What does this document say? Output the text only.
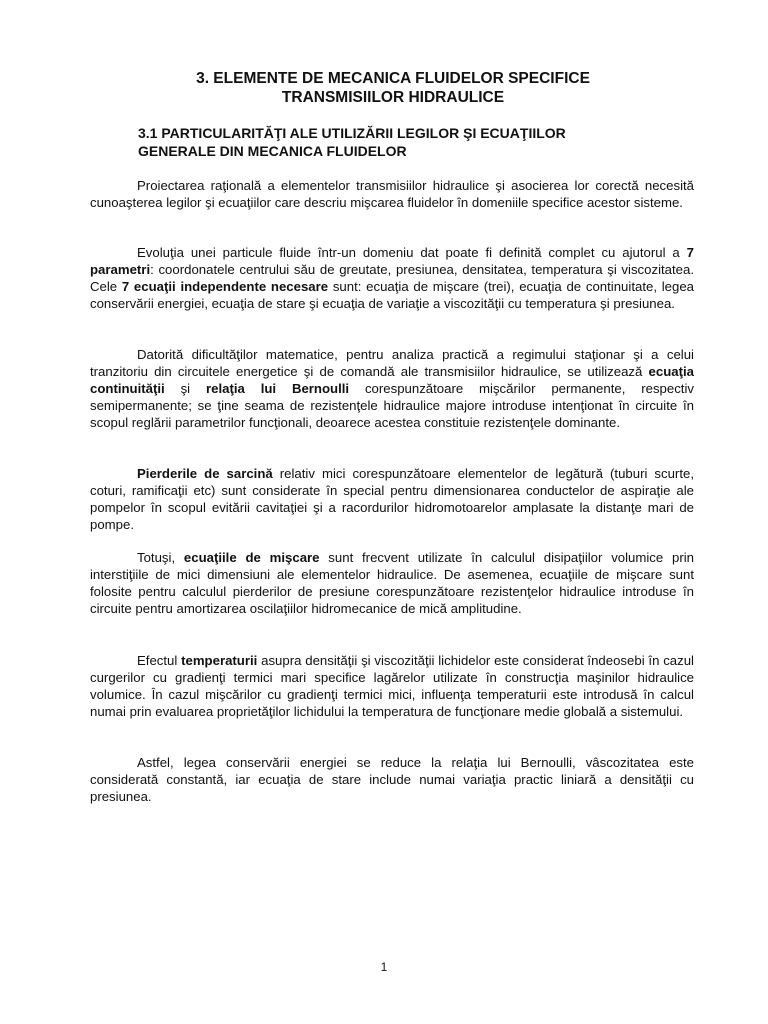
3. ELEMENTE DE MECANICA FLUIDELOR SPECIFICE
TRANSMISIILOR HIDRAULICE
3.1 PARTICULARITĂŢI ALE UTILIZĂRII LEGILOR ŞI ECUAŢIILOR
GENERALE DIN MECANICA FLUIDELOR

Proiectarea raţională a elementelor transmisiilor hidraulice şi asocierea lor corectă necesită cunoaşterea legilor şi ecuaţiilor care descriu mişcarea fluidelor în domeniile specifice acestor sisteme.

Evoluţia unei particule fluide într-un domeniu dat poate fi definită complet cu ajutorul a 7 parametri: coordonatele centrului său de greutate, presiunea, densitatea, temperatura şi viscozitatea. Cele 7 ecuaţii independente necesare sunt: ecuaţia de mişcare (trei), ecuaţia de continuitate, legea conservării energiei, ecuaţia de stare şi ecuaţia de variaţie a viscozităţii cu temperatura şi presiunea.

Datorită dificultăţilor matematice, pentru analiza practică a regimului staţionar şi a celui tranzitoriu din circuitele energetice şi de comandă ale transmisiilor hidraulice, se utilizează ecuaţia continuităţii şi relaţia lui Bernoulli corespunzătoare mişcărilor permanente, respectiv semipermanente; se ţine seama de rezistenţele hidraulice majore introduse intenţionat în circuite în scopul reglării parametrilor funcţionali, deoarece acestea constituie rezistenţele dominante.

Pierderile de sarcină relativ mici corespunzătoare elementelor de legătură (tuburi scurte, coturi, ramificaţii etc) sunt considerate în special pentru dimensionarea conductelor de aspiraţie ale pompelor în scopul evitării cavitaţiei şi a racordurilor hidromotoarelor amplasate la distanţe mari de pompe.

Totuşi, ecuaţiile de mişcare sunt frecvent utilizate în calculul disipaţiilor volumice prin interstiţiile de mici dimensiuni ale elementelor hidraulice. De asemenea, ecuaţiile de mişcare sunt folosite pentru calculul pierderilor de presiune corespunzătoare rezistenţelor hidraulice introduse în circuite pentru amortizarea oscilaţiilor hidromecanice de mică amplitudine.

Efectul temperaturii asupra densităţii şi viscozităţii lichidelor este considerat îndeosebi în cazul curgerilor cu gradienţi termici mari specifice lagărelor utilizate în construcţia maşinilor hidraulice volumice. În cazul mişcărilor cu gradienţi termici mici, influenţa temperaturii este introdusă în calcul numai prin evaluarea proprietăţilor lichidului la temperatura de funcţionare medie globală a sistemului.

Astfel, legea conservării energiei se reduce la relaţia lui Bernoulli, vâscozitatea este considerată constantă, iar ecuaţia de stare include numai variaţia practic liniară a densităţii cu presiunea.

1
